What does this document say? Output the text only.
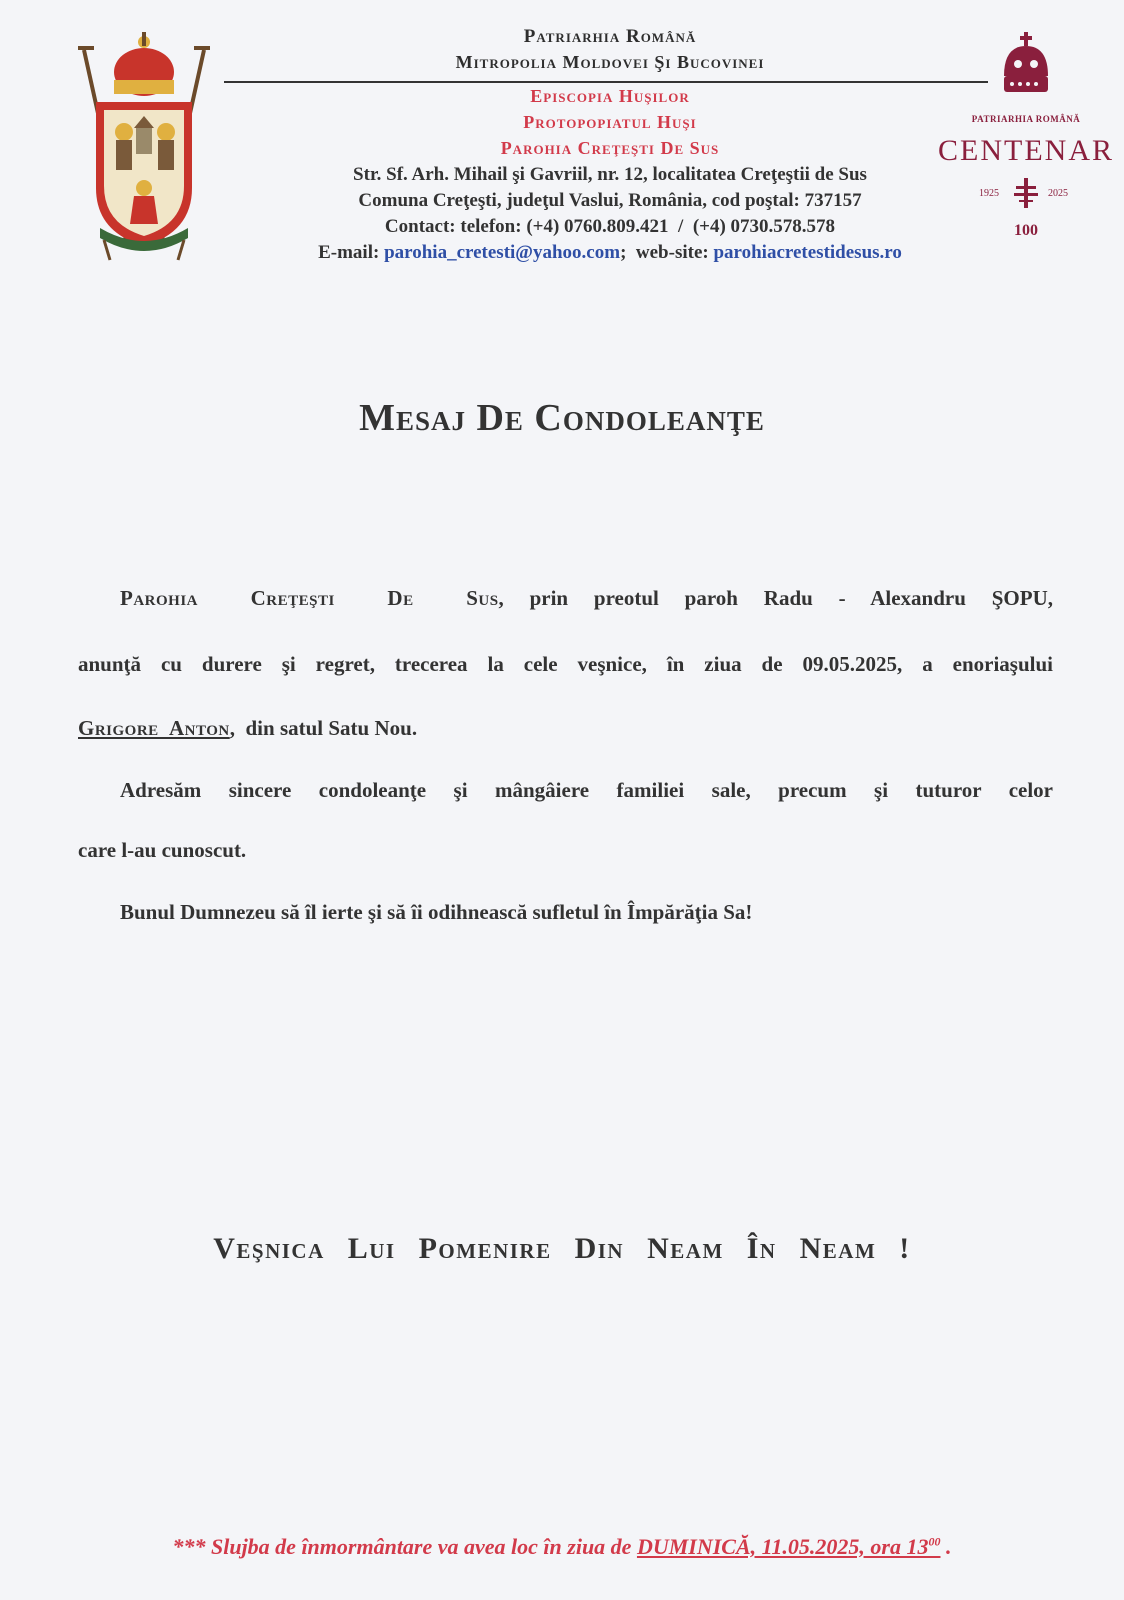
PATRIARHIA ROMÂNĂ
CENTENAR
1925	2025
100
Patriarhia Română
Mitropolia Moldovei Şi Bucovinei
Episcopia Huşilor
Protopopiatul Huşi
Parohia Creţeşti De Sus
Str. Sf. Arh. Mihail şi Gavriil, nr. 12, localitatea Creţeştii de Sus
Comuna Creţeşti, judeţul Vaslui, România, cod poştal: 737157
Contact: telefon: (+4) 0760.809.421  /  (+4) 0730.578.578
E-mail: parohia_cretesti@yahoo.com;  web-site: parohiacretestidesus.ro
Mesaj De Condoleanţe
Parohia  Creţeşti  De  Sus, prin preotul paroh Radu - Alexandru ŞOPU,
anunţă cu durere şi regret, trecerea la cele veşnice, în ziua de 09.05.2025, a enoriaşului
Grigore  Anton,  din satul Satu Nou.
Adresăm sincere condoleanţe şi mângâiere familiei sale, precum şi tuturor celor
care l-au cunoscut.
Bunul Dumnezeu să îl ierte şi să îi odihnească sufletul în Împărăţia Sa!
Veşnica Lui Pomenire Din Neam În Neam !
*** Slujba de înmormântare va avea loc în ziua de DUMINICĂ, 11.05.2025, ora $13^{00}$ .
